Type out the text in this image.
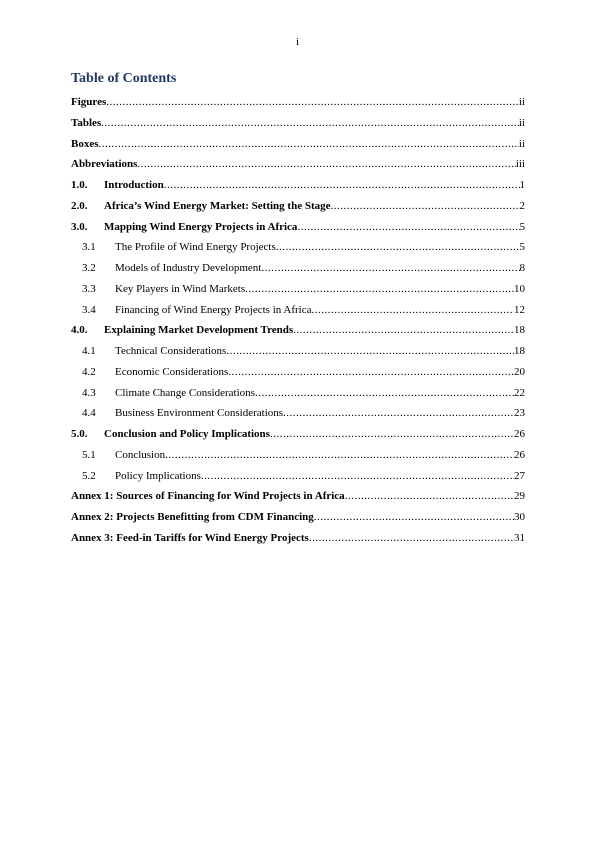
i
Table of Contents
Figures .....	ii
Tables .....	ii
Boxes .....	ii
Abbreviations .....	iii
1.0.	Introduction .....	1
2.0.	Africa’s Wind Energy Market: Setting the Stage .....	2
3.0.	Mapping Wind Energy Projects in Africa .....	5
3.1	The Profile of Wind Energy Projects .....	5
3.2	Models of Industry Development .....	8
3.3	Key Players in Wind Markets .....	10
3.4	Financing of Wind Energy Projects in Africa .....	12
4.0.	Explaining Market Development Trends .....	18
4.1	Technical Considerations .....	18
4.2	Economic Considerations .....	20
4.3	Climate Change Considerations .....	22
4.4	Business Environment Considerations .....	23
5.0.	Conclusion and Policy Implications .....	26
5.1	Conclusion .....	26
5.2	Policy Implications .....	27
Annex 1: Sources of Financing for Wind Projects in Africa .....	29
Annex 2: Projects Benefitting from CDM Financing .....	30
Annex 3: Feed-in Tariffs for Wind Energy Projects .....	31
